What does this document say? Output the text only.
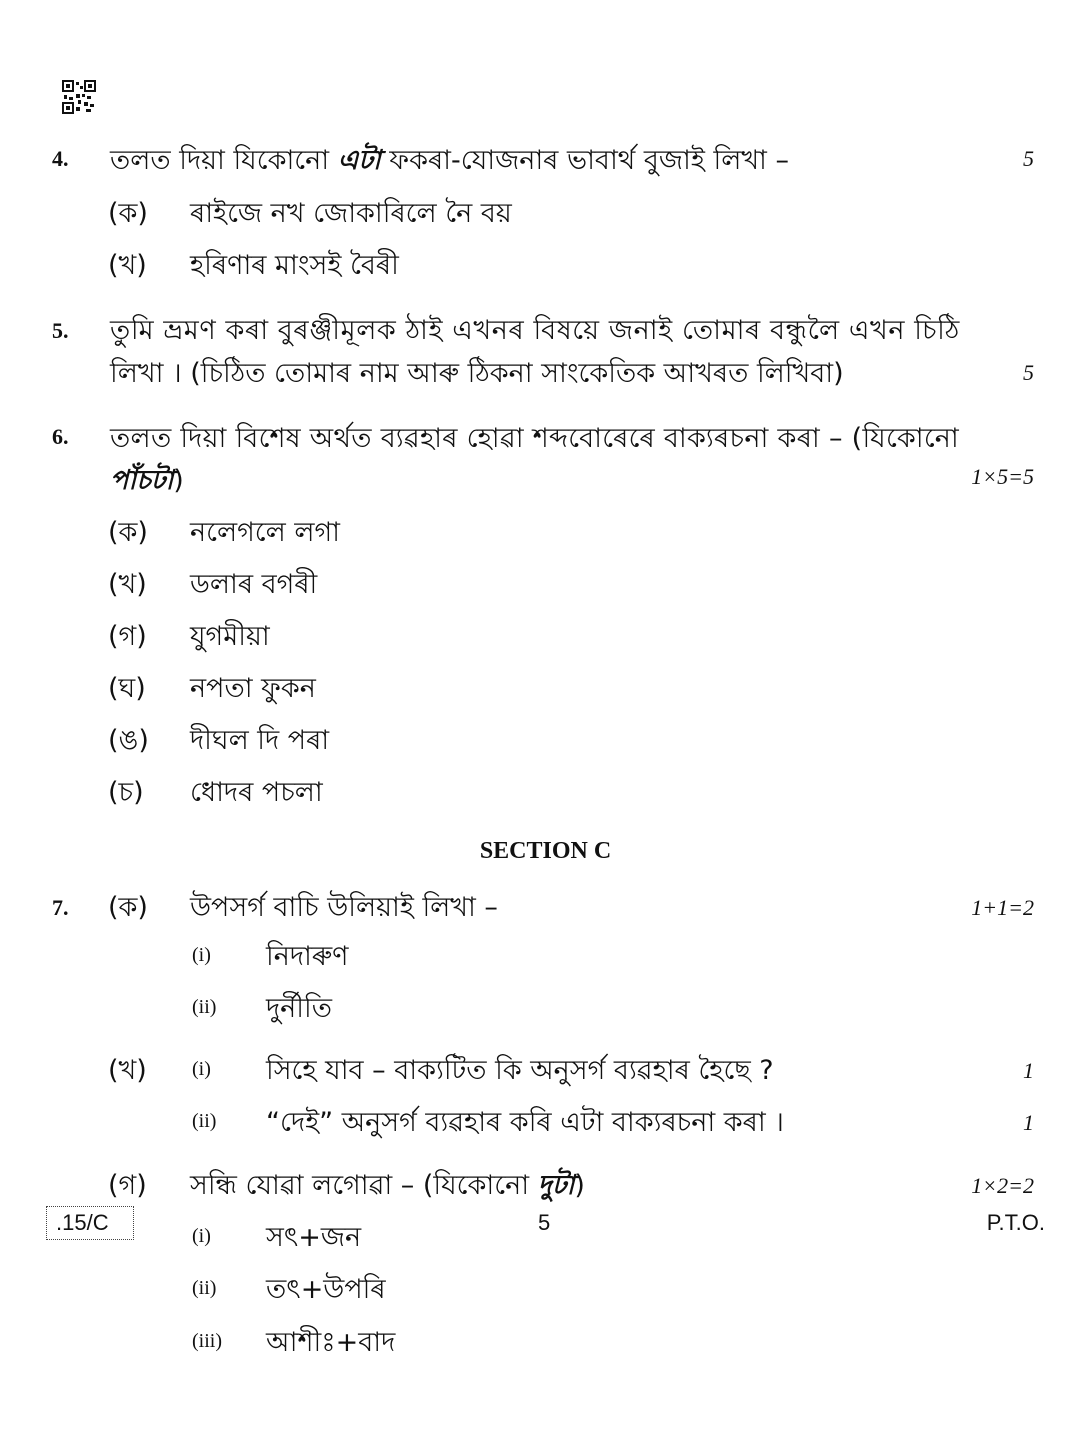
4. তলত দিয়া যিকোনো এটা ফকৰা-যোজনাৰ ভাবাৰ্থ বুজাই লিখা –	5
(ক) ৰাইজে নখ জোকাৰিলে নৈ বয়
(খ) হৰিণাৰ মাংসই বৈৰী
5. তুমি ভ্ৰমণ কৰা বুৰঞ্জীমূলক ঠাই এখনৰ বিষয়ে জনাই তোমাৰ বন্ধুলৈ এখন চিঠি
লিখা । (চিঠিত তোমাৰ নাম আৰু ঠিকনা সাংকেতিক আখৰত লিখিবা)	5
6. তলত দিয়া বিশেষ অৰ্থত ব্যৱহাৰ হোৱা শব্দবোৰেৰে বাক্যৰচনা কৰা – (যিকোনো
পাঁচটা)	1×5=5
(ক) নলেগলে লগা
(খ) ডলাৰ বগৰী
(গ) যুগমীয়া
(ঘ) নপতা ফুকন
(ঙ) দীঘল দি পৰা
(চ) ধোদৰ পচলা
SECTION C
7. (ক) উপসৰ্গ বাচি উলিয়াই লিখা –	1+1=2
(i) নিদাৰুণ
(ii) দুৰ্নীতি
(খ) (i) সিহে যাব – বাক্যটিত কি অনুসৰ্গ ব্যৱহাৰ হৈছে ?	1
(ii) “দেই” অনুসৰ্গ ব্যৱহাৰ কৰি এটা বাক্যৰচনা কৰা ।	1
(গ) সন্ধি যোৱা লগোৱা – (যিকোনো দুটা)	1×2=2
(i) সৎ+জন
(ii) তৎ+উপৰি
(iii) আশীঃ+বাদ
.15/C	5	P.T.O.
